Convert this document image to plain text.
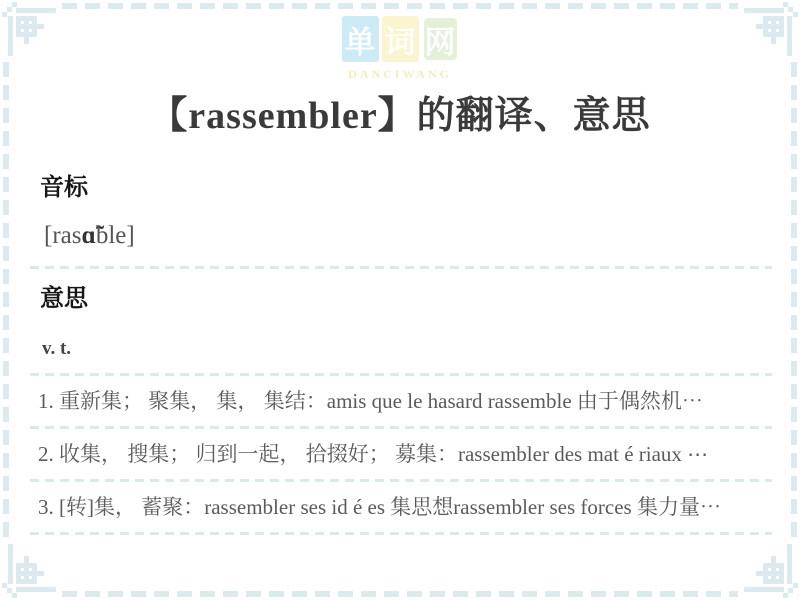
单 词 网
DANCIWANG
【rassembler】的翻译、意思
音标
[rasɑ̃ble]
意思
v. t.
1. 重新集； 聚集， 集， 集结：amis que le hasard rassemble 由于偶然机⋯
2. 收集， 搜集； 归到一起， 拾掇好； 募集：rassembler des mat é riaux ⋯
3. [转]集， 蓄聚：rassembler ses id é es 集思想rassembler ses forces 集力量⋯
